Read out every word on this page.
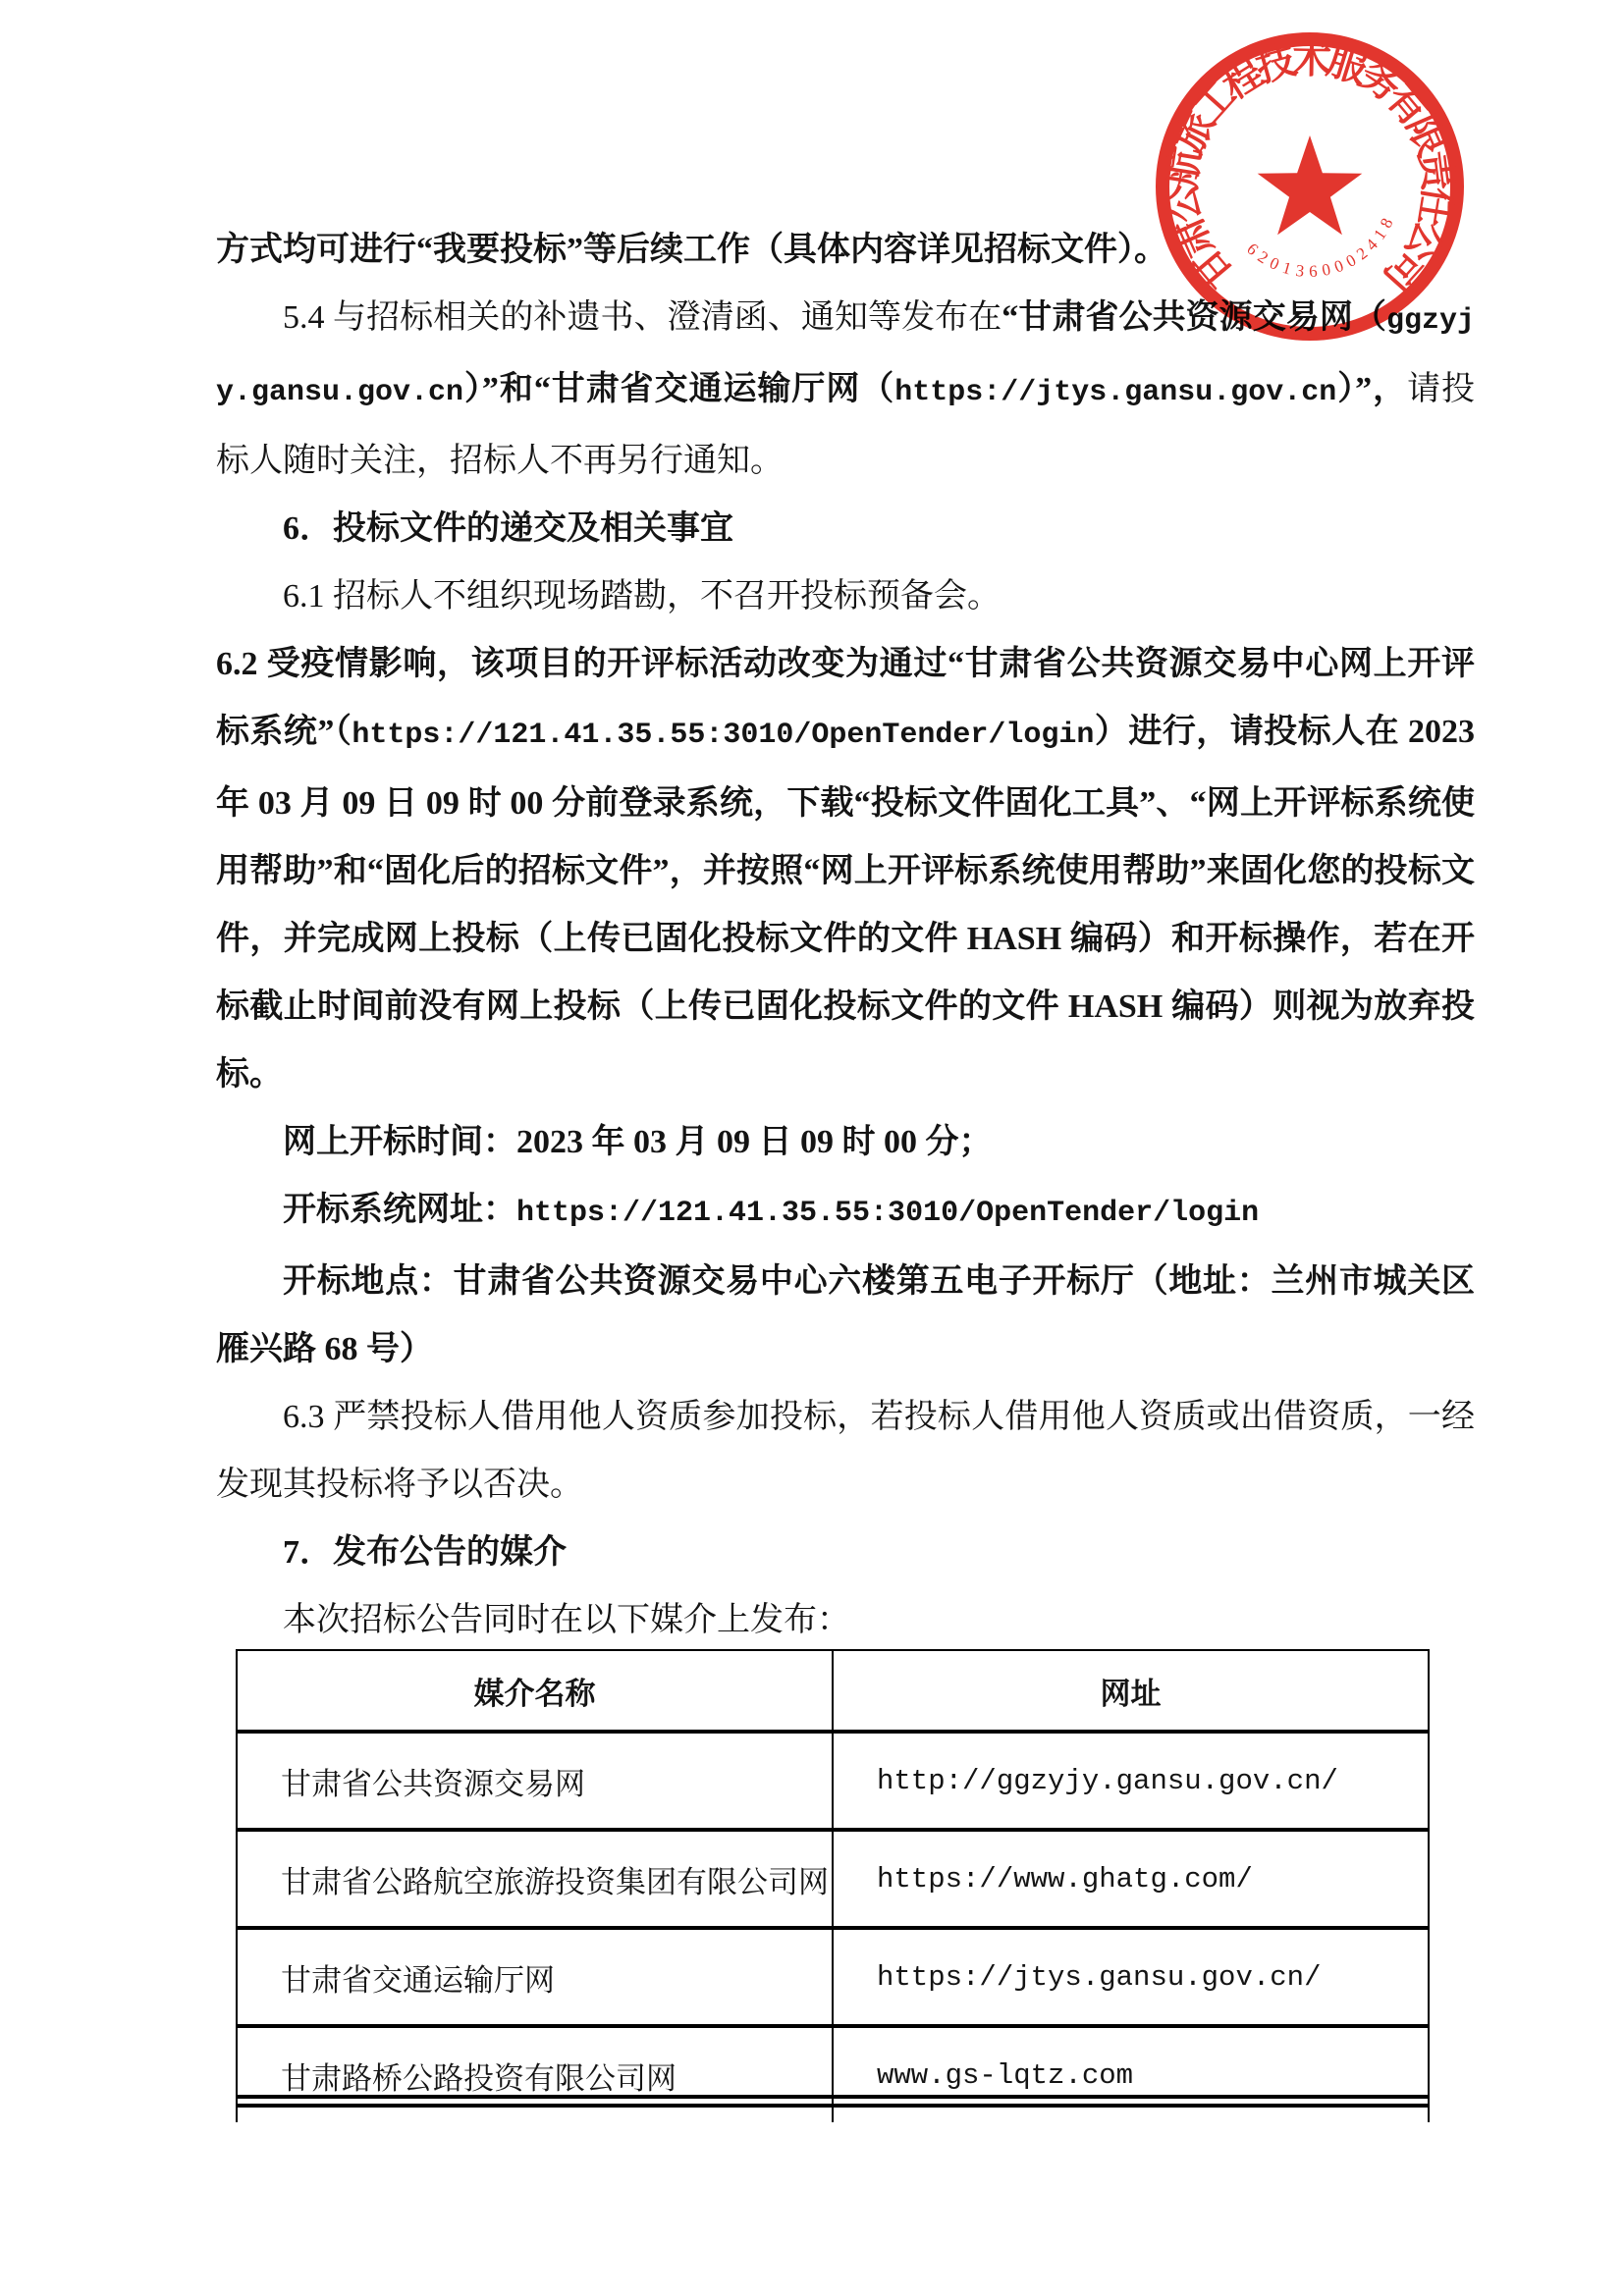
方式均可进行“我要投标”等后续工作（具体内容详见招标文件）。

5.4 与招标相关的补遗书、澄清函、通知等发布在“甘肃省公共资源交易网（ggzyjy.gansu.gov.cn）”和“甘肃省交通运输厅网（https://jtys.gansu.gov.cn）”，请投标人随时关注，招标人不再另行通知。

6．投标文件的递交及相关事宜

6.1 招标人不组织现场踏勘，不召开投标预备会。

6.2 受疫情影响，该项目的开评标活动改变为通过“甘肃省公共资源交易中心网上开评标系统”（https://121.41.35.55:3010/OpenTender/login）进行，请投标人在 2023 年 03 月 09 日 09 时 00 分前登录系统，下载“投标文件固化工具”、“网上开评标系统使用帮助”和“固化后的招标文件”，并按照“网上开评标系统使用帮助”来固化您的投标文件，并完成网上投标（上传已固化投标文件的文件 HASH 编码）和开标操作，若在开标截止时间前没有网上投标（上传已固化投标文件的文件 HASH 编码）则视为放弃投标。

网上开标时间：2023 年 03 月 09 日 09 时 00 分；

开标系统网址：https://121.41.35.55:3010/OpenTender/login

开标地点：甘肃省公共资源交易中心六楼第五电子开标厅（地址：兰州市城关区雁兴路 68 号）

6.3 严禁投标人借用他人资质参加投标，若投标人借用他人资质或出借资质，一经发现其投标将予以否决。

7．发布公告的媒介

本次招标公告同时在以下媒介上发布：

媒介名称	网址
甘肃省公共资源交易网	http://ggzyjy.gansu.gov.cn/
甘肃省公路航空旅游投资集团有限公司网	https://www.ghatg.com/
甘肃省交通运输厅网	https://jtys.gansu.gov.cn/
甘肃路桥公路投资有限公司网	www.gs-lqtz.com
甘肃公航旅工程技术服务有限责任公司
6201360002418
